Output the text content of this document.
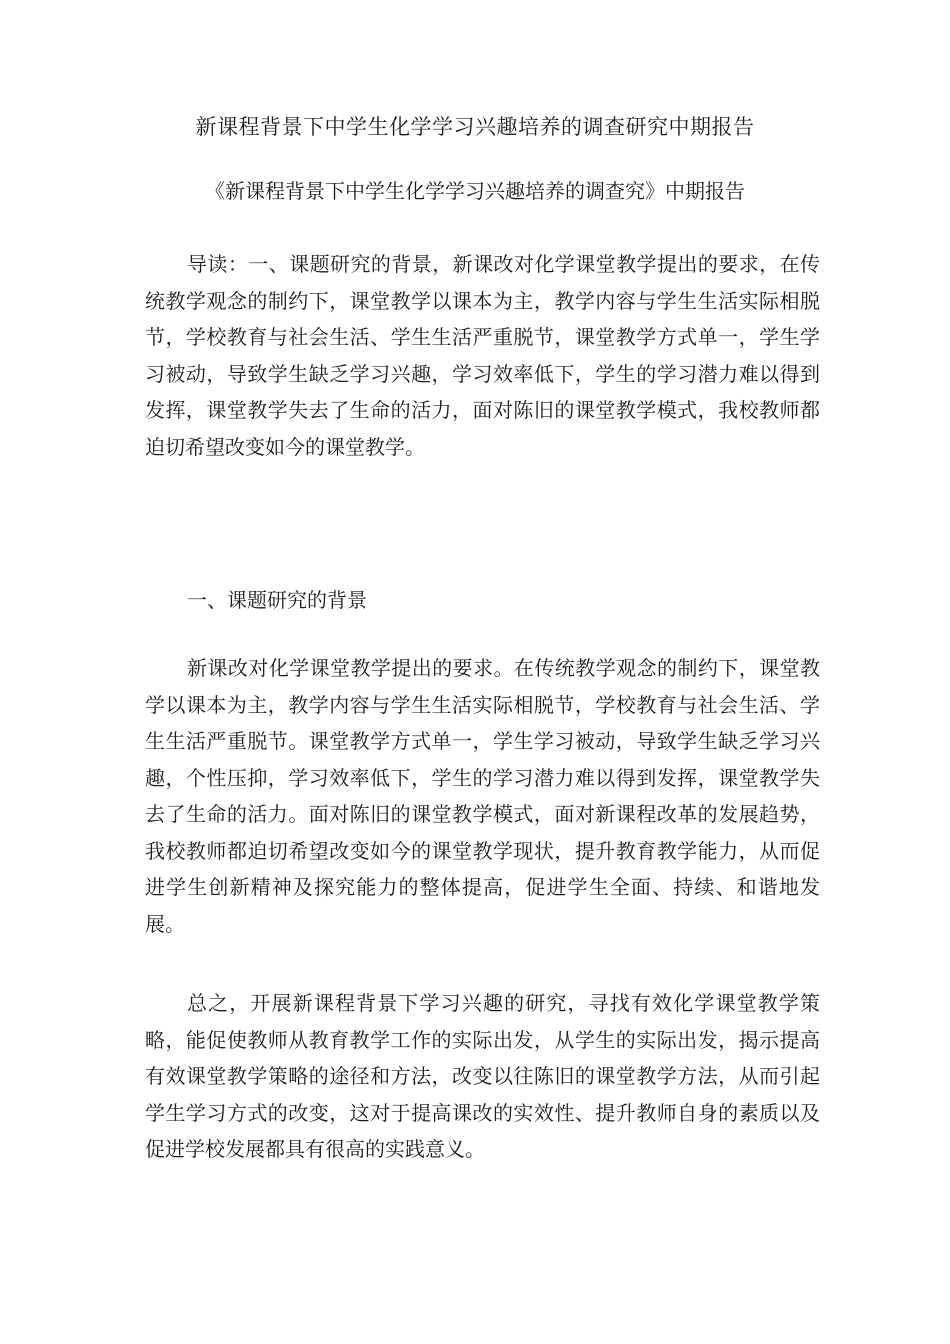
新课程背景下中学生化学学习兴趣培养的调查研究中期报告
《新课程背景下中学生化学学习兴趣培养的调查究》中期报告

导读：一、课题研究的背景，新课改对化学课堂教学提出的要求，在传统教学观念的制约下，课堂教学以课本为主，教学内容与学生生活实际相脱节，学校教育与社会生活、学生生活严重脱节，课堂教学方式单一，学生学习被动，导致学生缺乏学习兴趣，学习效率低下，学生的学习潜力难以得到发挥，课堂教学失去了生命的活力，面对陈旧的课堂教学模式，我校教师都迫切希望改变如今的课堂教学。

一、课题研究的背景

新课改对化学课堂教学提出的要求。在传统教学观念的制约下，课堂教学以课本为主，教学内容与学生生活实际相脱节，学校教育与社会生活、学生生活严重脱节。课堂教学方式单一，学生学习被动，导致学生缺乏学习兴趣，个性压抑，学习效率低下，学生的学习潜力难以得到发挥，课堂教学失去了生命的活力。面对陈旧的课堂教学模式，面对新课程改革的发展趋势，我校教师都迫切希望改变如今的课堂教学现状，提升教育教学能力，从而促进学生创新精神及探究能力的整体提高，促进学生全面、持续、和谐地发展。

总之，开展新课程背景下学习兴趣的研究，寻找有效化学课堂教学策略，能促使教师从教育教学工作的实际出发，从学生的实际出发，揭示提高有效课堂教学策略的途径和方法，改变以往陈旧的课堂教学方法，从而引起学生学习方式的改变，这对于提高课改的实效性、提升教师自身的素质以及促进学校发展都具有很高的实践意义。
